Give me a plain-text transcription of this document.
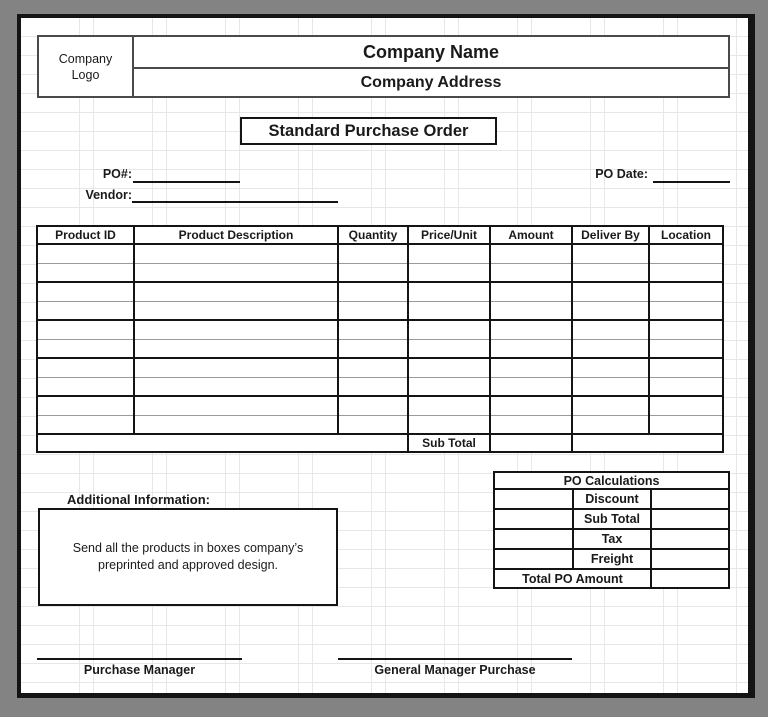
Company Logo
Company Name
Company Address
Standard Purchase Order
PO#:	PO Date:
Vendor:
Product ID	Product Description	Quantity	Price/Unit	Amount	Deliver By	Location

			Sub Total			
PO Calculations		
	Discount	
	Sub Total	
	Tax	
	Freight	
Total PO Amount		
Additional Information:
Send all the products in boxes company’s
preprinted and approved design.
Purchase Manager	General Manager Purchase
